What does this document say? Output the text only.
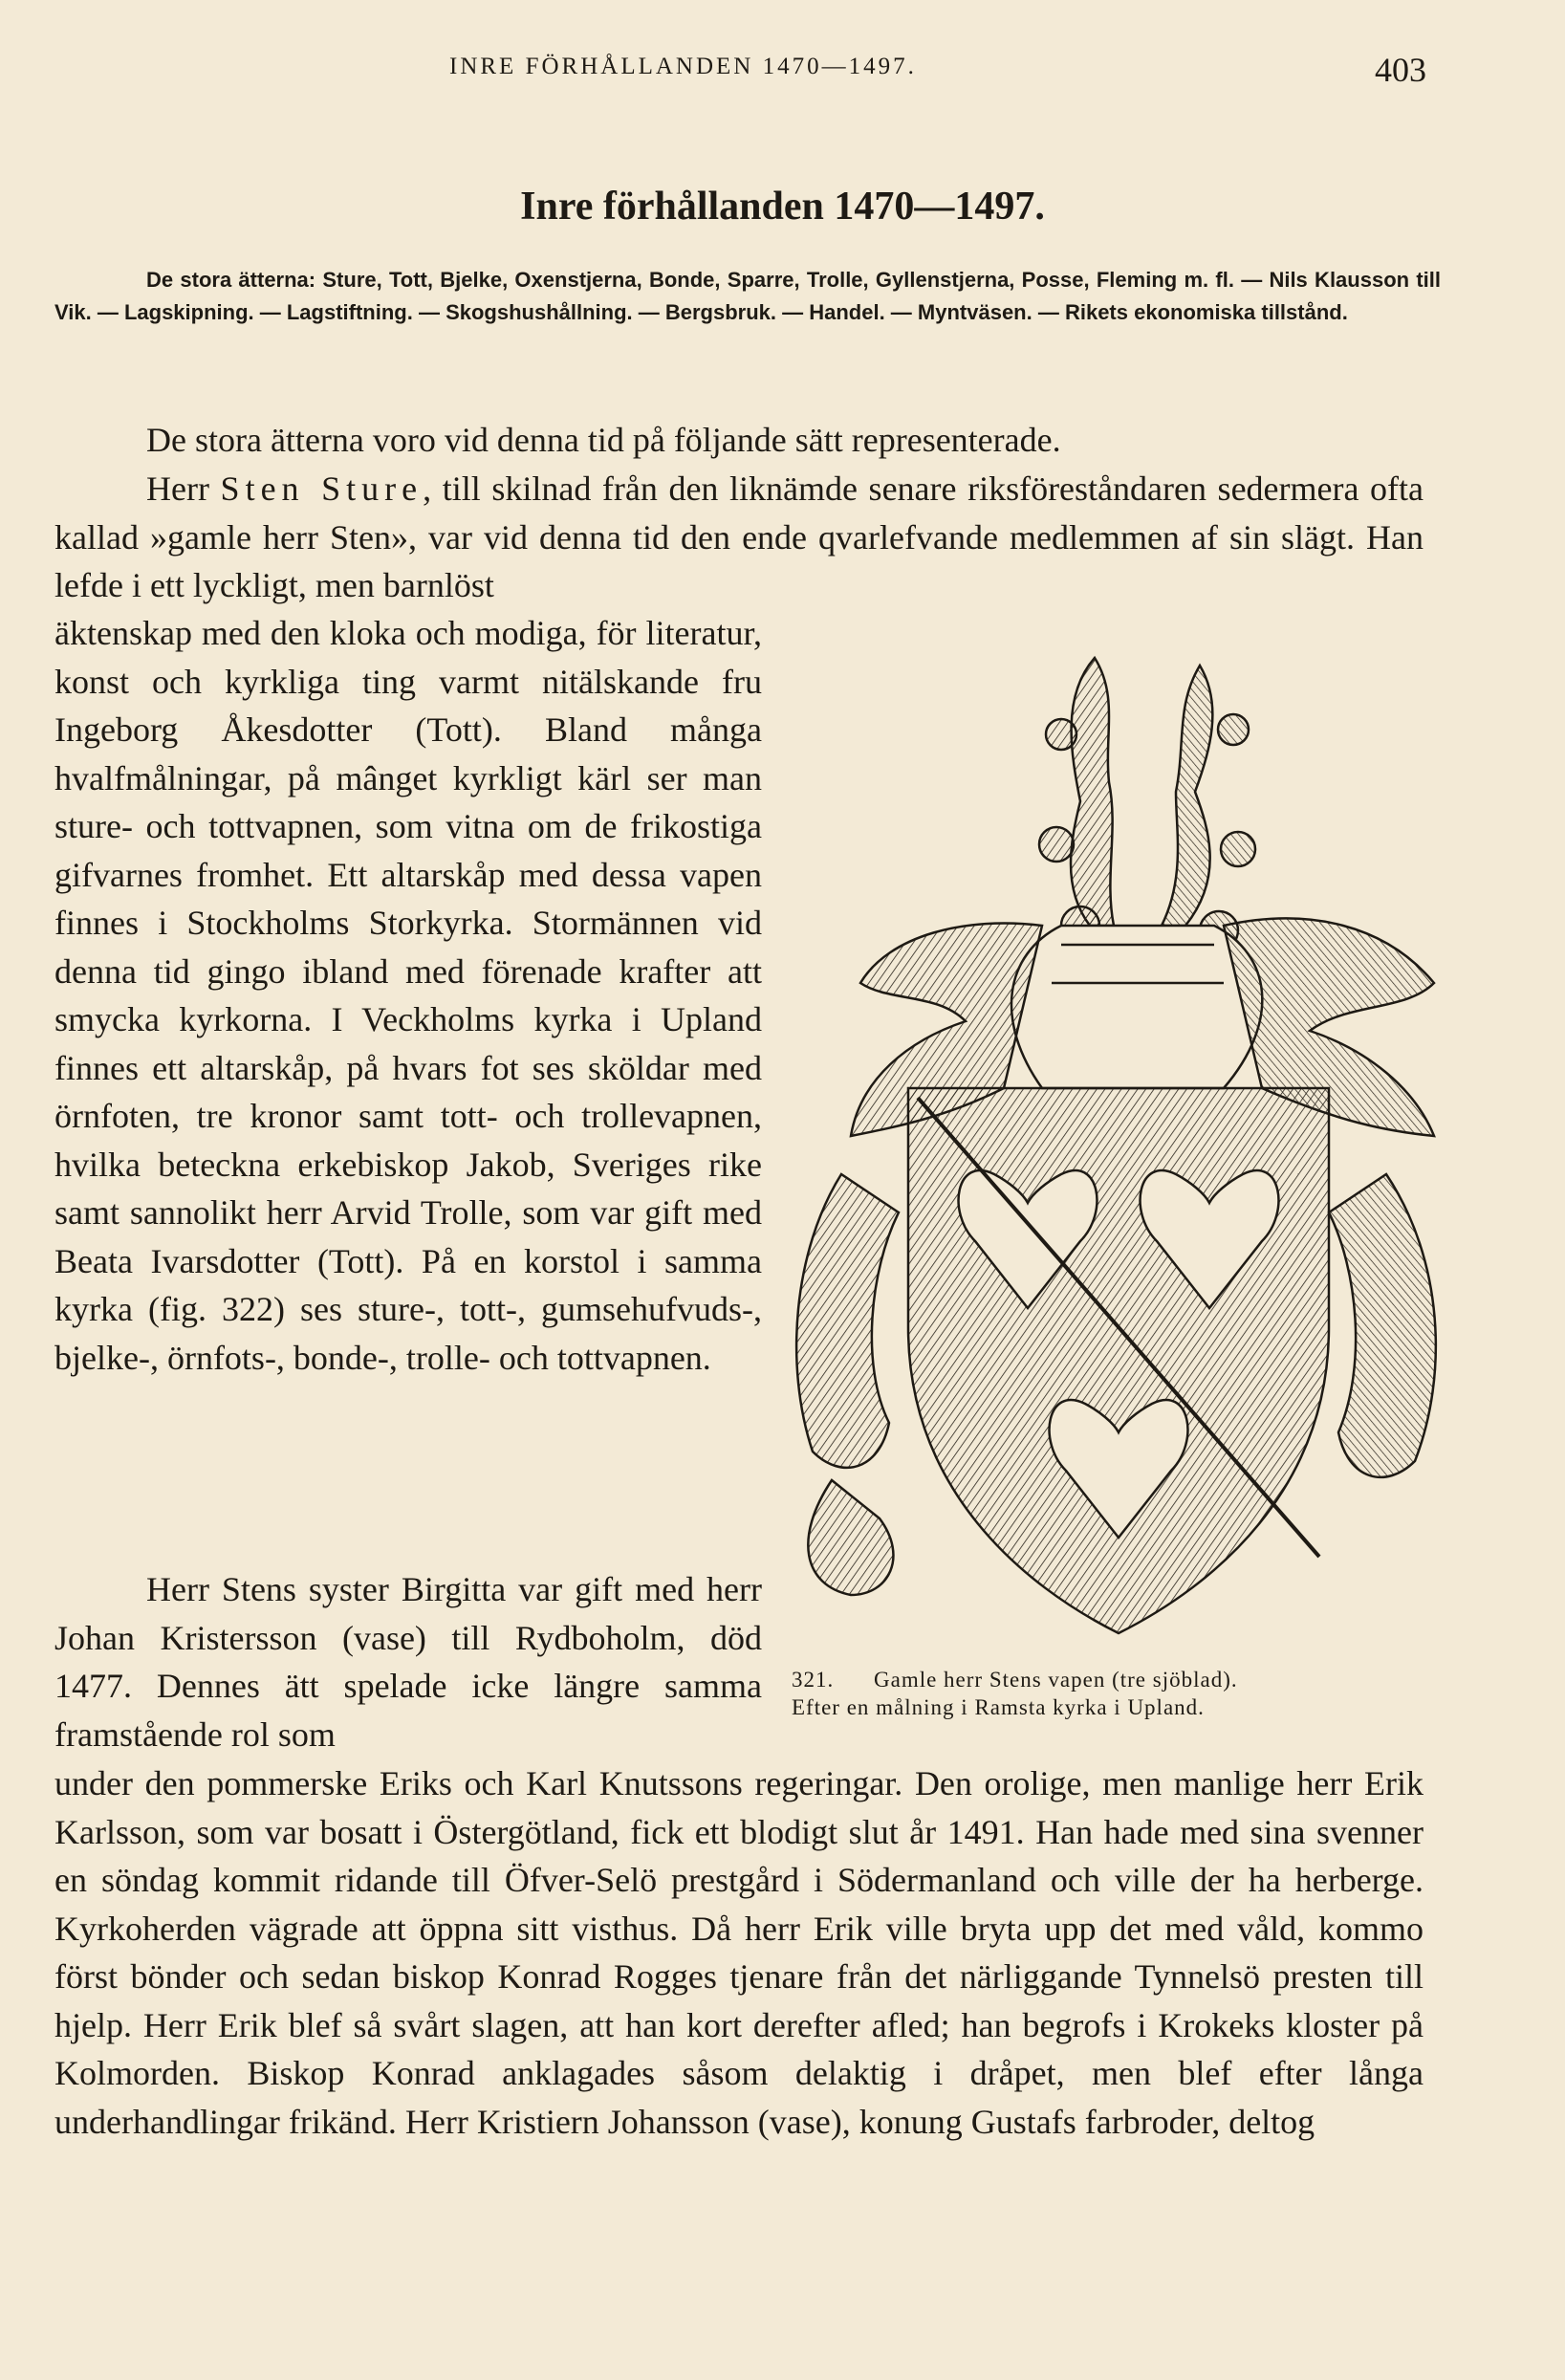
INRE FÖRHÅLLANDEN 1470—1497.	403
Inre förhållanden 1470—1497.
De stora ätterna: Sture, Tott, Bjelke, Oxenstjerna, Bonde, Sparre, Trolle, Gyllenstjerna, Posse, Fleming m. fl. — Nils Klausson till Vik. — Lagskipning. — Lagstiftning. — Skogshushållning. — Bergsbruk. — Handel. — Myntväsen. — Rikets ekonomiska tillstånd.
De stora ätterna voro vid denna tid på följande sätt representerade.
Herr Sten Sture, till skilnad från den liknämde senare riksföreståndaren sedermera ofta kallad »gamle herr Sten», var vid denna tid den ende qvarlefvande medlemmen af sin slägt. Han lefde i ett lyckligt, men barnlöst
äktenskap med den kloka och modiga, för literatur, konst och kyrkliga ting varmt nitälskande fru Ingeborg Åkesdotter (Tott). Bland många hvalfmålningar, på mânget kyrkligt kärl ser man sture- och tottvapnen, som vitna om de frikostiga gifvarnes fromhet. Ett altarskåp med dessa vapen finnes i Stockholms Storkyrka. Stormännen vid denna tid gingo ibland med förenade krafter att smycka kyrkorna. I Veckholms kyrka i Upland finnes ett altarskåp, på hvars fot ses sköldar med örnfoten, tre kronor samt tott- och trollevapnen, hvilka beteckna erkebiskop Jakob, Sveriges rike samt sannolikt herr Arvid Trolle, som var gift med Beata Ivarsdotter (Tott). På en korstol i samma kyrka (fig. 322) ses sture-, tott-, gumsehufvuds-, bjelke-, örnfots-, bonde-, trolle- och tottvapnen.
Herr Stens syster Birgitta var gift med herr Johan Kristersson (vase) till Rydboholm, död 1477. Dennes ätt spelade icke längre samma framstående rol som
under den pommerske Eriks och Karl Knutssons regeringar. Den orolige, men manlige herr Erik Karlsson, som var bosatt i Östergötland, fick ett blodigt slut år 1491. Han hade med sina svenner en söndag kommit ridande till Öfver-Selö prestgård i Södermanland och ville der ha herberge. Kyrkoherden vägrade att öppna sitt visthus. Då herr Erik ville bryta upp det med våld, kommo först bönder och sedan biskop Konrad Rogges tjenare från det närliggande Tynnelsö presten till hjelp. Herr Erik blef så svårt slagen, att han kort derefter afled; han begrofs i Krokeks kloster på Kolmorden. Biskop Konrad anklagades såsom delaktig i dråpet, men blef efter långa underhandlingar frikänd. Herr Kristiern Johansson (vase), konung Gustafs farbroder, deltog
321. Gamle herr Stens vapen (tre sjöblad).
Efter en målning i Ramsta kyrka i Upland.
